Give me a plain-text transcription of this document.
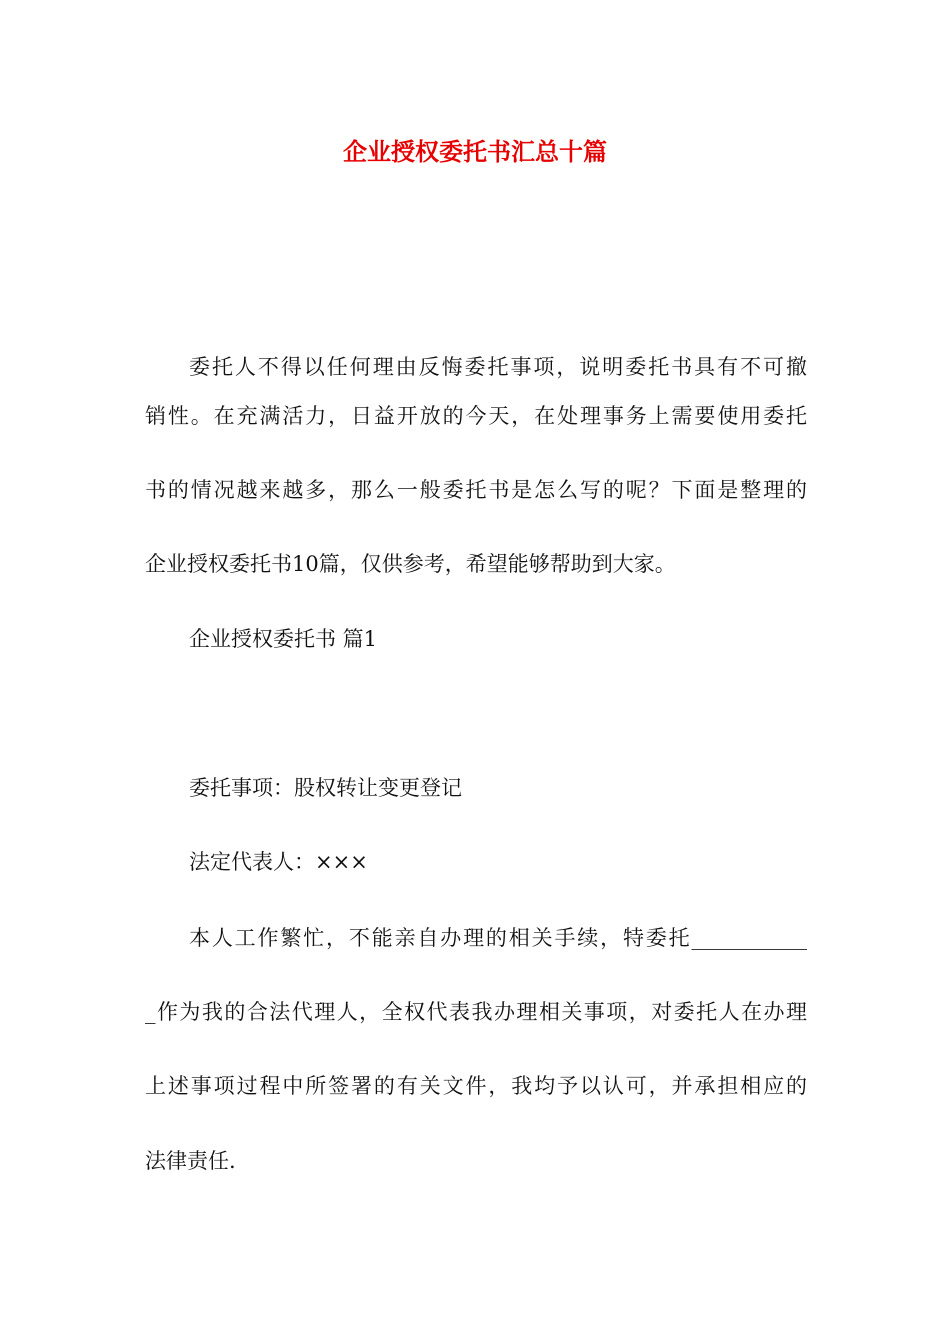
企业授权委托书汇总十篇

委托人不得以任何理由反悔委托事项，说明委托书具有不可撤

销性。在充满活力，日益开放的今天，在处理事务上需要使用委托

书的情况越来越多，那么一般委托书是怎么写的呢？下面是整理的

企业授权委托书10篇，仅供参考，希望能够帮助到大家。

企业授权委托书 篇1

委托事项：股权转让变更登记

法定代表人：×××

本人工作繁忙，不能亲自办理的相关手续，特委托___________

_作为我的合法代理人，全权代表我办理相关事项，对委托人在办理

上述事项过程中所签署的有关文件，我均予以认可，并承担相应的

法律责任.
